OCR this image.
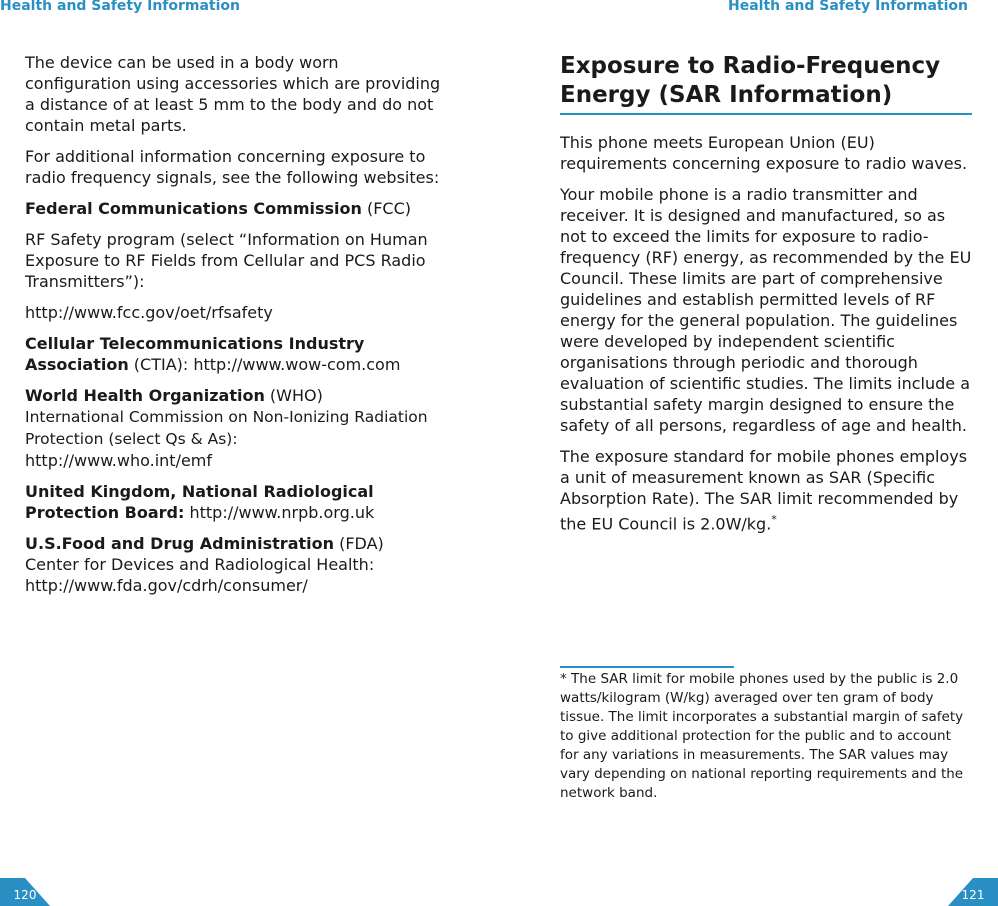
Health and Safety Information	Health and Safety Information

The device can be used in a body worn configuration using accessories which are providing a distance of at least 5 mm to the body and do not contain metal parts.

For additional information concerning exposure to radio frequency signals, see the following websites:

Federal Communications Commission (FCC)

RF Safety program (select “Information on Human Exposure to RF Fields from Cellular and PCS Radio Transmitters”):

http://www.fcc.gov/oet/rfsafety

Cellular Telecommunications Industry Association (CTIA): http://www.wow-com.com

World Health Organization (WHO)
International Commission on Non-Ionizing Radiation Protection (select Qs & As):
http://www.who.int/emf

United Kingdom, National Radiological Protection Board: http://www.nrpb.org.uk

U.S.Food and Drug Administration (FDA)
Center for Devices and Radiological Health:
http://www.fda.gov/cdrh/consumer/

Exposure to Radio-Frequency Energy (SAR Information)

This phone meets European Union (EU) requirements concerning exposure to radio waves.

Your mobile phone is a radio transmitter and receiver. It is designed and manufactured, so as not to exceed the limits for exposure to radio-frequency (RF) energy, as recommended by the EU Council. These limits are part of comprehensive guidelines and establish permitted levels of RF energy for the general population. The guidelines were developed by independent scientific organisations through periodic and thorough evaluation of scientific studies. The limits include a substantial safety margin designed to ensure the safety of all persons, regardless of age and health.

The exposure standard for mobile phones employs a unit of measurement known as SAR (Specific Absorption Rate). The SAR limit recommended by the EU Council is 2.0W/kg.*

* The SAR limit for mobile phones used by the public is 2.0 watts/kilogram (W/kg) averaged over ten gram of body tissue. The limit incorporates a substantial margin of safety to give additional protection for the public and to account for any variations in measurements. The SAR values may vary depending on national reporting requirements and the network band.
120	121
